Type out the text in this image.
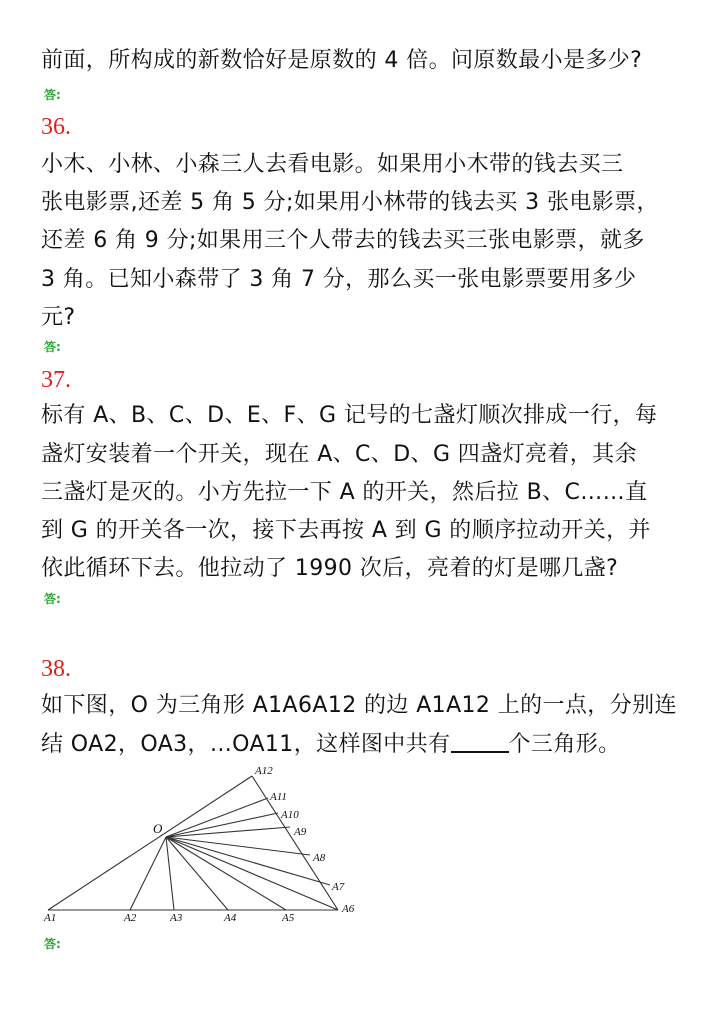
前面，所构成的新数恰好是原数的 4 倍。问原数最小是多少?
答:
36.
小木、小林、小森三人去看电影。如果用小木带的钱去买三
张电影票,还差 5 角 5 分;如果用小林带的钱去买 3 张电影票，
还差 6 角 9 分;如果用三个人带去的钱去买三张电影票，就多
3 角。已知小森带了 3 角 7 分，那么买一张电影票要用多少
元?
答:
37.
标有 A、B、C、D、E、F、G 记号的七盏灯顺次排成一行，每
盏灯安装着一个开关，现在 A、C、D、G 四盏灯亮着，其余
三盏灯是灭的。小方先拉一下 A 的开关，然后拉 B、C……直
到 G 的开关各一次，接下去再按 A 到 G 的顺序拉动开关，并
依此循环下去。他拉动了 1990 次后，亮着的灯是哪几盏?
答:
38.
如下图，O 为三角形 A1A6A12 的边 A1A12 上的一点，分别连
结 OA2，OA3，...OA11，这样图中共有	个三角形。
O
A1	A2	A3	A4	A5
A6
A7
A8
A9
A10
A11
A12
答:
